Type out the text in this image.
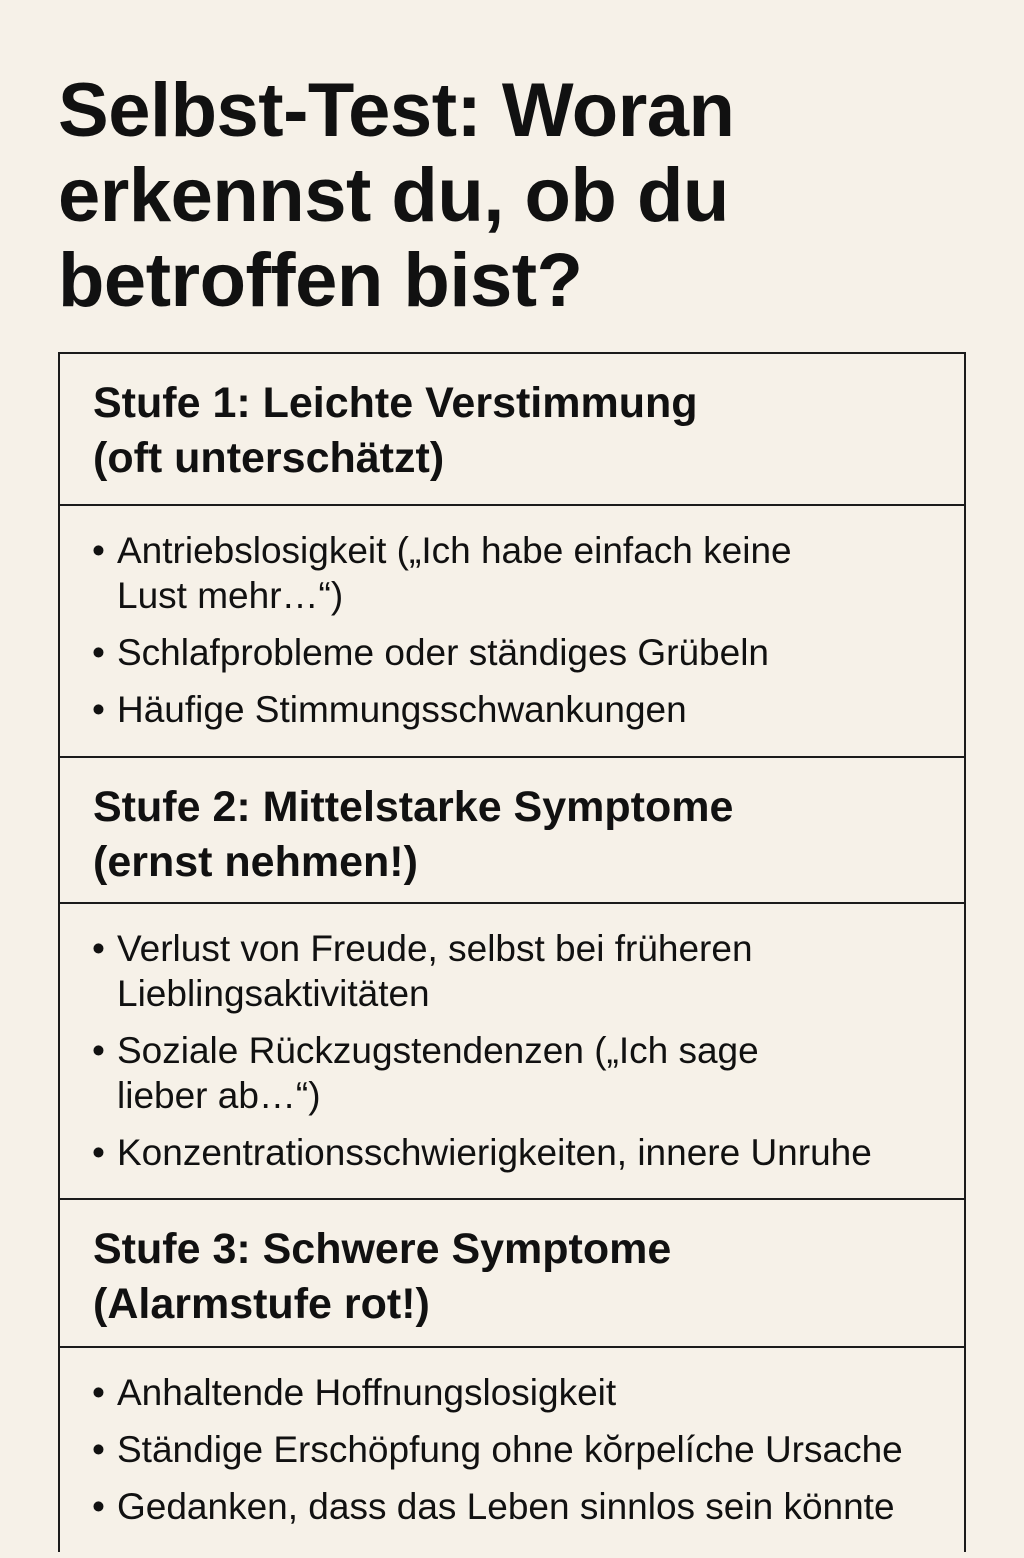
Selbst-Test: Woran
erkennst du, ob du
betroffen bist?
Stufe 1: Leichte Verstimmung
(oft unterschätzt)
• Antriebslosigkeit („Ich habe einfach keine
Lust mehr…“)
• Schlafprobleme oder ständiges Grübeln
• Häufige Stimmungsschwankungen
Stufe 2: Mittelstarke Symptome
(ernst nehmen!)
• Verlust von Freude, selbst bei früheren
Lieblingsaktivitäten
• Soziale Rückzugstendenzen („Ich sage
lieber ab…“)
• Konzentrationsschwierigkeiten, innere Unruhe
Stufe 3: Schwere Symptome
(Alarmstufe rot!)
• Anhaltende Hoffnungslosigkeit
• Ständige Erschöpfung ohne kŏrpelíche Ursache
• Gedanken, dass das Leben sinnlos sein könnte
